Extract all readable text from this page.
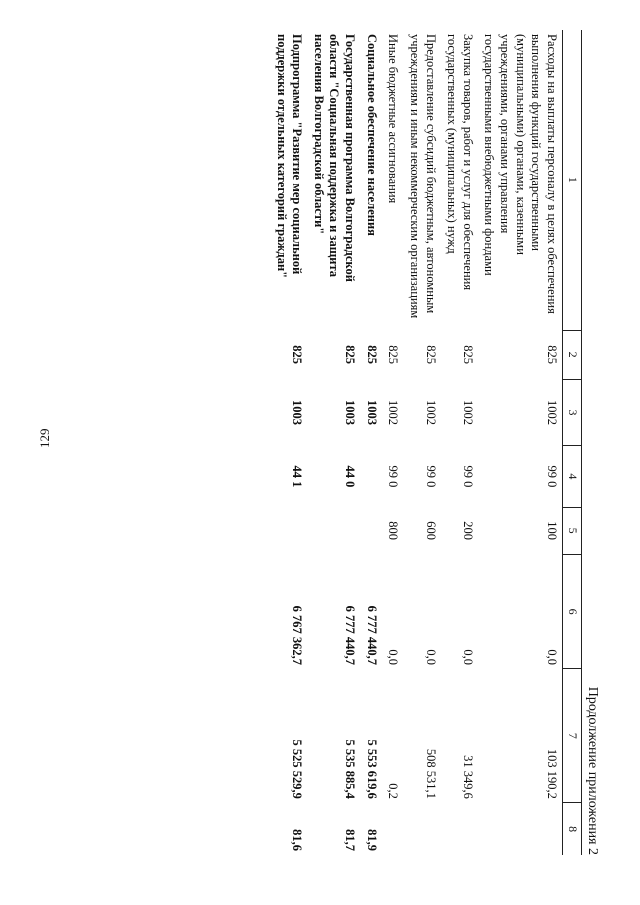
129
Продолжение приложения 2
1	2	3	4	5	6	7	8
Расходы на выплаты персоналу в целях обеспечения выполнения функций государственными (муниципальными) органами, казенными учреждениями, органами управления государственными внебюджетными фондами	825	1002	99 0	100	0,0	103 190,2	
Закупка товаров, работ и услуг для обеспечения государственных (муниципальных) нужд	825	1002	99 0	200	0,0	31 349,6	
Предоставление субсидий бюджетным, автономным учреждениям и иным некоммерческим организациям	825	1002	99 0	600	0,0	508 531,1	
Иные бюджетные ассигнования	825	1002	99 0	800	0,0	0,2	
Социальное обеспечение населения	825	1003			6 777 440,7	5 553 619,6	81,9
Государственная программа Волгоградской области "Социальная поддержка и защита населения Волгоградской области"	825	1003	44 0		6 777 440,7	5 535 885,4	81,7
Подпрограмма "Развитие мер социальной поддержки отдельных категорий граждан"	825	1003	44 1		6 767 362,7	5 525 529,9	81,6
